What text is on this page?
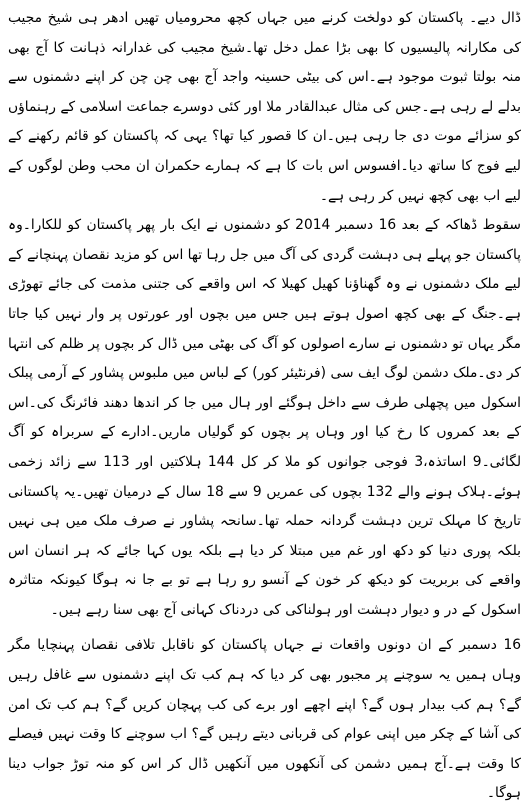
ڈال دیے۔ پاکستان کو دولخت کرنے میں جہاں کچھ محرومیاں تھیں ادھر ہی شیخ مجیب کی مکارانہ پالیسیوں کا بھی بڑا عمل دخل تھا۔شیخ مجیب کی غدارانہ ذہانت کا آج بھی منہ بولتا ثبوت موجود ہے۔اس کی بیٹی حسینہ واجد آج بھی چن چن کر اپنے دشمنوں سے بدلے لے رہی ہے۔جس کی مثال عبدالقادر ملا اور کئی دوسرے جماعت اسلامی کے رہنماؤں کو سزائے موت دی جا رہی ہیں۔ان کا قصور کیا تھا؟ یہی کہ پاکستان کو قائم رکھنے کے لیے فوج کا ساتھ دیا۔افسوس اس بات کا ہے کہ ہمارے حکمران ان محب وطن لوگوں کے لیے اب بھی کچھ نہیں کر رہی ہے۔

سقوط ڈھاکہ کے بعد 16 دسمبر 2014 کو دشمنوں نے ایک بار پھر پاکستان کو للکارا۔وہ پاکستان جو پہلے ہی دہشت گردی کی آگ میں جل رہا تھا اس کو مزید نقصان پہنچانے کے لیے ملک دشمنوں نے وہ گھناؤنا کھیل کھیلا کہ اس واقعے کی جتنی مذمت کی جائے تھوڑی ہے۔جنگ کے بھی کچھ اصول ہوتے ہیں جس میں بچوں اور عورتوں پر وار نہیں کیا جاتا مگر یہاں تو دشمنوں نے سارے اصولوں کو آگ کی بھٹی میں ڈال کر بچوں پر ظلم کی انتہا کر دی۔ملک دشمن لوگ ایف سی (فرنٹیئر کور) کے لباس میں ملبوس پشاور کے آرمی پبلک اسکول میں پچھلی طرف سے داخل ہوگئے اور ہال میں جا کر اندھا دھند فائرنگ کی۔اس کے بعد کمروں کا رخ کیا اور وہاں پر بچوں کو گولیاں ماریں۔ادارے کے سربراہ کو آگ لگائی۔9 اساتذہ،3 فوجی جوانوں کو ملا کر کل 144 ہلاکتیں اور 113 سے زائد زخمی ہوئے۔ہلاک ہونے والے 132 بچوں کی عمریں 9 سے 18 سال کے درمیان تھیں۔یہ پاکستانی تاریخ کا مہلک ترین دہشت گردانہ حملہ تھا۔سانحہ پشاور نے صرف ملک میں ہی نہیں بلکہ پوری دنیا کو دکھ اور غم میں مبتلا کر دیا ہے بلکہ یوں کہا جائے کہ ہر انسان اس واقعے کی بربریت کو دیکھ کر خون کے آنسو رو رہا ہے تو بے جا نہ ہوگا کیونکہ متاثرہ اسکول کے در و دیوار دہشت اور ہولناکی کی دردناک کہانی آج بھی سنا رہے ہیں۔

16 دسمبر کے ان دونوں واقعات نے جہاں پاکستان کو ناقابل تلافی نقصان پہنچایا مگر وہاں ہمیں یہ سوچنے پر مجبور بھی کر دیا کہ ہم کب تک اپنے دشمنوں سے غافل رہیں گے؟ ہم کب بیدار ہوں گے؟ اپنے اچھے اور برے کی کب پہچان کریں گے؟ ہم کب تک امن کی آشا کے چکر میں اپنی عوام کی قربانی دیتے رہیں گے؟ اب سوچنے کا وقت نہیں فیصلے کا وقت ہے۔آج ہمیں دشمن کی آنکھوں میں آنکھیں ڈال کر اس کو منہ توڑ جواب دینا ہوگا۔
